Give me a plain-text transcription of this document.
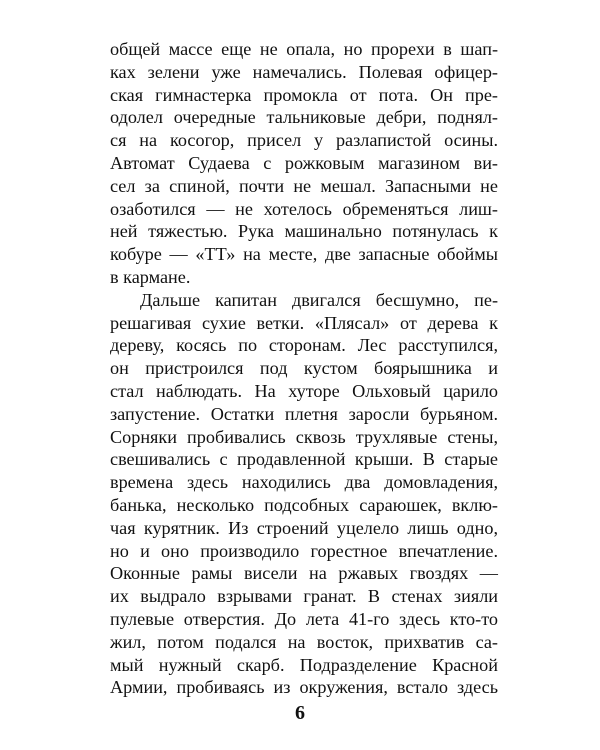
общей массе еще не опала, но прорехи в шап-
ках зелени уже намечались. Полевая офицер-
ская гимнастерка промокла от пота. Он пре-
одолел очередные тальниковые дебри, поднял-
ся на косогор, присел у разлапистой осины.
Автомат Судаева с рожковым магазином ви-
сел за спиной, почти не мешал. Запасными не
озаботился — не хотелось обременяться лиш-
ней тяжестью. Рука машинально потянулась к
кобуре — «ТТ» на месте, две запасные обоймы
в кармане.
Дальше капитан двигался бесшумно, пе-
решагивая сухие ветки. «Плясал» от дерева к
дереву, косясь по сторонам. Лес расступился,
он пристроился под кустом боярышника и
стал наблюдать. На хуторе Ольховый царило
запустение. Остатки плетня заросли бурьяном.
Сорняки пробивались сквозь трухлявые стены,
свешивались с продавленной крыши. В старые
времена здесь находились два домовладения,
банька, несколько подсобных сараюшек, вклю-
чая курятник. Из строений уцелело лишь одно,
но и оно производило горестное впечатление.
Оконные рамы висели на ржавых гвоздях —
их выдрало взрывами гранат. В стенах зияли
пулевые отверстия. До лета 41-го здесь кто-то
жил, потом подался на восток, прихватив са-
мый нужный скарб. Подразделение Красной
Армии, пробиваясь из окружения, встало здесь
6
